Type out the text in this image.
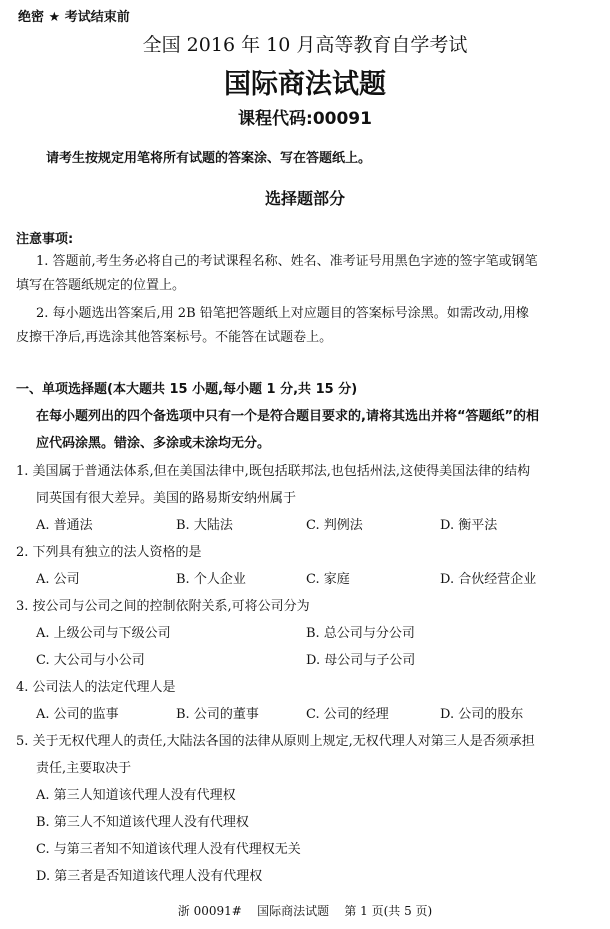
绝密 ★ 考试结束前
全国 2016 年 10 月高等教育自学考试
国际商法试题
课程代码:00091
请考生按规定用笔将所有试题的答案涂、写在答题纸上。
选择题部分
注意事项:
1. 答题前,考生务必将自己的考试课程名称、姓名、准考证号用黑色字迹的签字笔或钢笔
填写在答题纸规定的位置上。
2. 每小题选出答案后,用 2B 铅笔把答题纸上对应题目的答案标号涂黑。如需改动,用橡
皮擦干净后,再选涂其他答案标号。不能答在试题卷上。
一、单项选择题(本大题共 15 小题,每小题 1 分,共 15 分)
在每小题列出的四个备选项中只有一个是符合题目要求的,请将其选出并将“答题纸”的相
应代码涂黑。错涂、多涂或未涂均无分。
1. 美国属于普通法体系,但在美国法律中,既包括联邦法,也包括州法,这使得美国法律的结构
同英国有很大差异。美国的路易斯安纳州属于
A. 普通法	B. 大陆法	C. 判例法	D. 衡平法
2. 下列具有独立的法人资格的是
A. 公司	B. 个人企业	C. 家庭	D. 合伙经营企业
3. 按公司与公司之间的控制依附关系,可将公司分为
A. 上级公司与下级公司	B. 总公司与分公司
C. 大公司与小公司	D. 母公司与子公司
4. 公司法人的法定代理人是
A. 公司的监事	B. 公司的董事	C. 公司的经理	D. 公司的股东
5. 关于无权代理人的责任,大陆法各国的法律从原则上规定,无权代理人对第三人是否须承担
责任,主要取决于
A. 第三人知道该代理人没有代理权
B. 第三人不知道该代理人没有代理权
C. 与第三者知不知道该代理人没有代理权无关
D. 第三者是否知道该代理人没有代理权
浙 00091#    国际商法试题    第 1 页(共 5 页)
